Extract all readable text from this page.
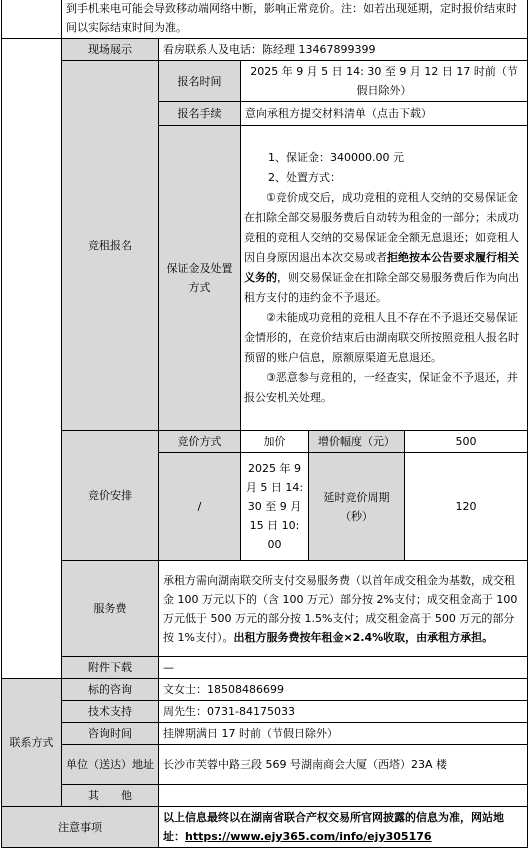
	到手机来电可能会导致移动端网络中断，影响正常竞价。注：如若出现延期，定时报价结束时间以实际结束时间为准。				
	现场展示	看房联系人及电话：陈经理 13467899399			
	竞租报名	报名时间	2025 年 9 月 5 日 14: 30 至 9 月 12 日 17 时前（节假日除外）		
		报名手续	意向承租方提交材料清单（点击下载）		
		保证金及处置方式	1、保证金：340000.00 元

2、处置方式：

①竞价成交后，成功竞租的竞租人交纳的交易保证金在扣除全部交易服务费后自动转为租金的一部分；未成功竞租的竞租人交纳的交易保证金全额无息退还；如竞租人因自身原因退出本次交易或者拒绝按本公告要求履行相关义务的，则交易保证金在扣除全部交易服务费后作为向出租方支付的违约金不予退还。

②未能成功竞租的竞租人且不存在不予退还交易保证金情形的，在竞价结束后由湖南联交所按照竞租人报名时预留的账户信息，原额原渠道无息退还。

③恶意参与竞租的，一经查实，保证金不予退还，并报公安机关处理。		

	竞价安排	竞价方式	加价	增价幅度（元）	500
		/	2025 年 9 月 5 日 14: 30 至 9 月 15 日 10: 00	延时竞价周期（秒）	120
	服务费	承租方需向湖南联交所支付交易服务费（以首年成交租金为基数，成交租金 100 万元以下的（含 100 万元）部分按 2%支付；成交租金高于 100 万元低于 500 万元的部分按 1.5%支付；成交租金高于 500 万元的部分按 1%支付）。出租方服务费按年租金×2.4%收取，由承租方承担。			
	附件下载	—			
联系方式	标的咨询	文女士：18508486699			
	技术支持	周先生：0731-84175033			
	咨询时间	挂牌期满日 17 时前（节假日除外）			
	单位（送达）地址	长沙市芙蓉中路三段 569 号湖南商会大厦（西塔）23A 楼			
	其　　他				
注意事项		以上信息最终以在湖南省联合产权交易所官网披露的信息为准，网站地址：https://www.ejy365.com/info/ejy305176			
